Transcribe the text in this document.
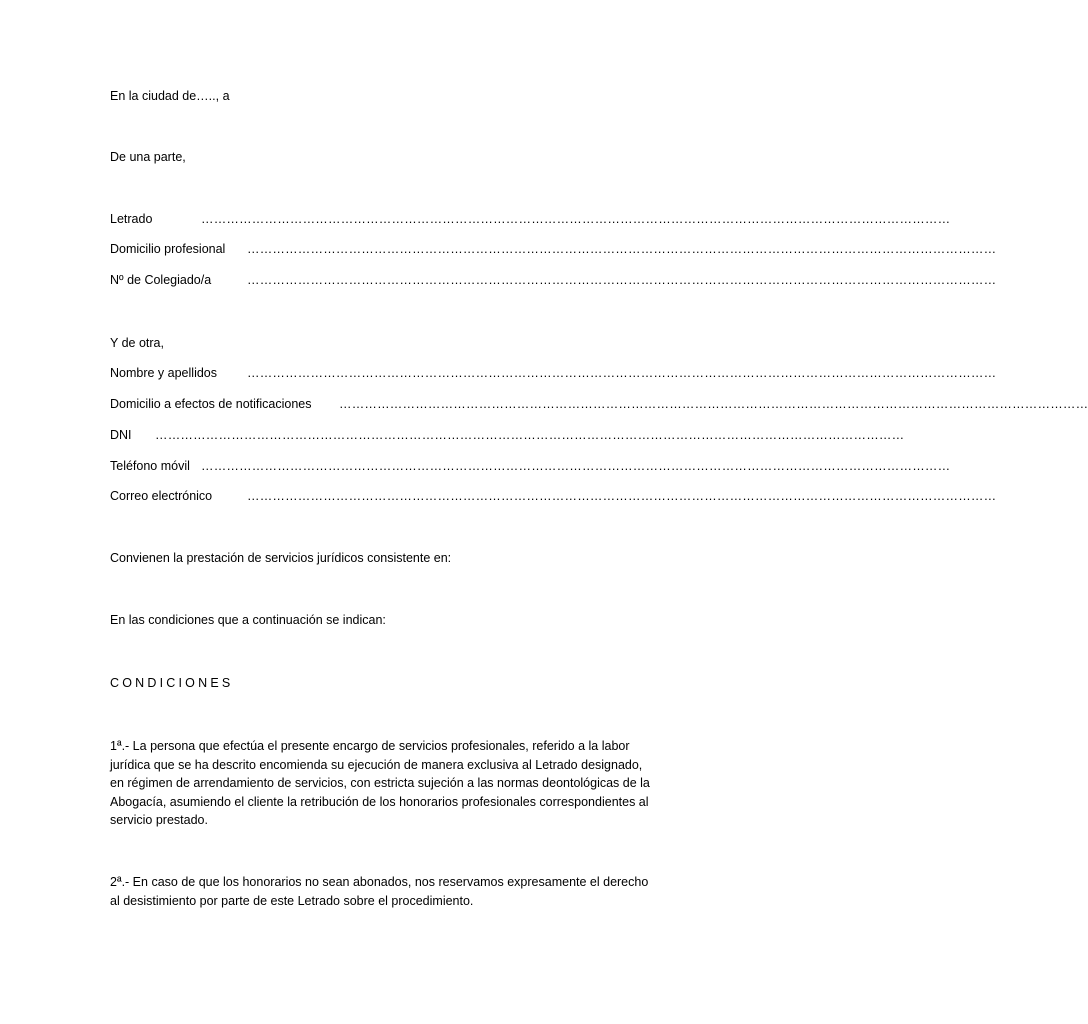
En la ciudad de….., a
De una parte,
Letrado	……………………………………………………………………………………………………………………………………………………………
Domicilio profesional ……………………………………………………………………………………………………………………………………………………………
Nº de Colegiado/a	……………………………………………………………………………………………………………………………………………………………
Y de otra,
Nombre y apellidos ……………………………………………………………………………………………………………………………………………………………
Domicilio a efectos de notificaciones ……………………………………………………………………………………………………………………………………………………………
DNI ……………………………………………………………………………………………………………………………………………………………
Teléfono móvil ……………………………………………………………………………………………………………………………………………………………
Correo electrónico	……………………………………………………………………………………………………………………………………………………………
Convienen la prestación de servicios jurídicos consistente en:
En las condiciones que a continuación se indican:
CONDICIONES
1ª.- La persona que efectúa el presente encargo de servicios profesionales, referido a la labor jurídica que se ha descrito encomienda su ejecución de manera exclusiva al Letrado designado, en régimen de arrendamiento de servicios, con estricta sujeción a las normas deontológicas de la Abogacía, asumiendo el cliente la retribución de los honorarios profesionales correspondientes al servicio prestado.
2ª.- En caso de que los honorarios no sean abonados, nos reservamos expresamente el derecho al desistimiento por parte de este Letrado sobre el procedimiento.
